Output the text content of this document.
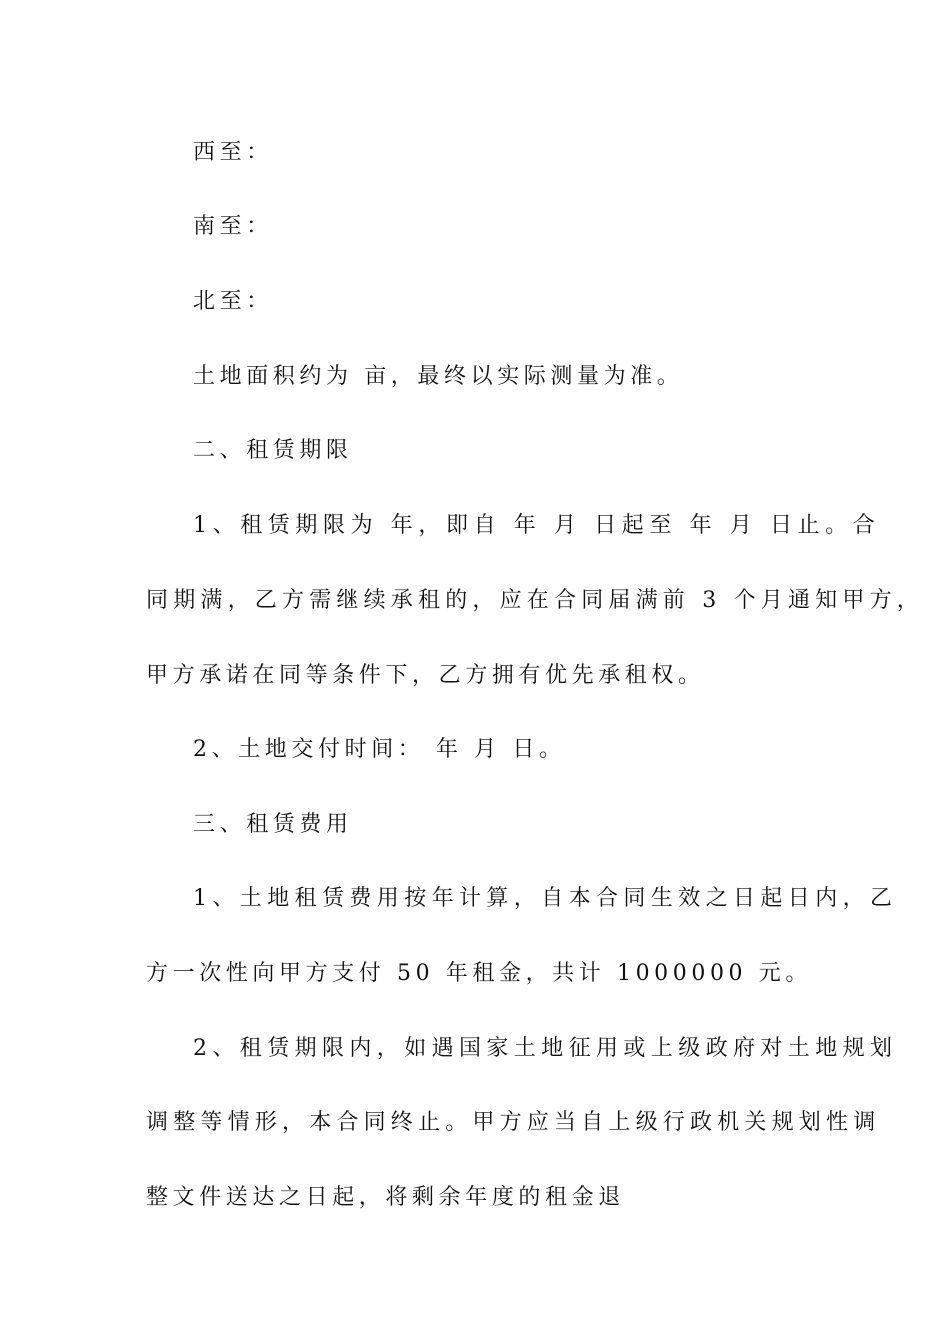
西至：
南至：
北至：
土地面积约为 亩，最终以实际测量为准。
二、租赁期限
1、租赁期限为 年，即自 年 月 日起至 年 月 日止。合
同期满，乙方需继续承租的，应在合同届满前 3 个月通知甲方，
甲方承诺在同等条件下，乙方拥有优先承租权。
2、土地交付时间： 年 月 日。
三、租赁费用
1、土地租赁费用按年计算，自本合同生效之日起日内，乙
方一次性向甲方支付 50 年租金，共计 1000000 元。
2、租赁期限内，如遇国家土地征用或上级政府对土地规划
调整等情形，本合同终止。甲方应当自上级行政机关规划性调
整文件送达之日起，将剩余年度的租金退
